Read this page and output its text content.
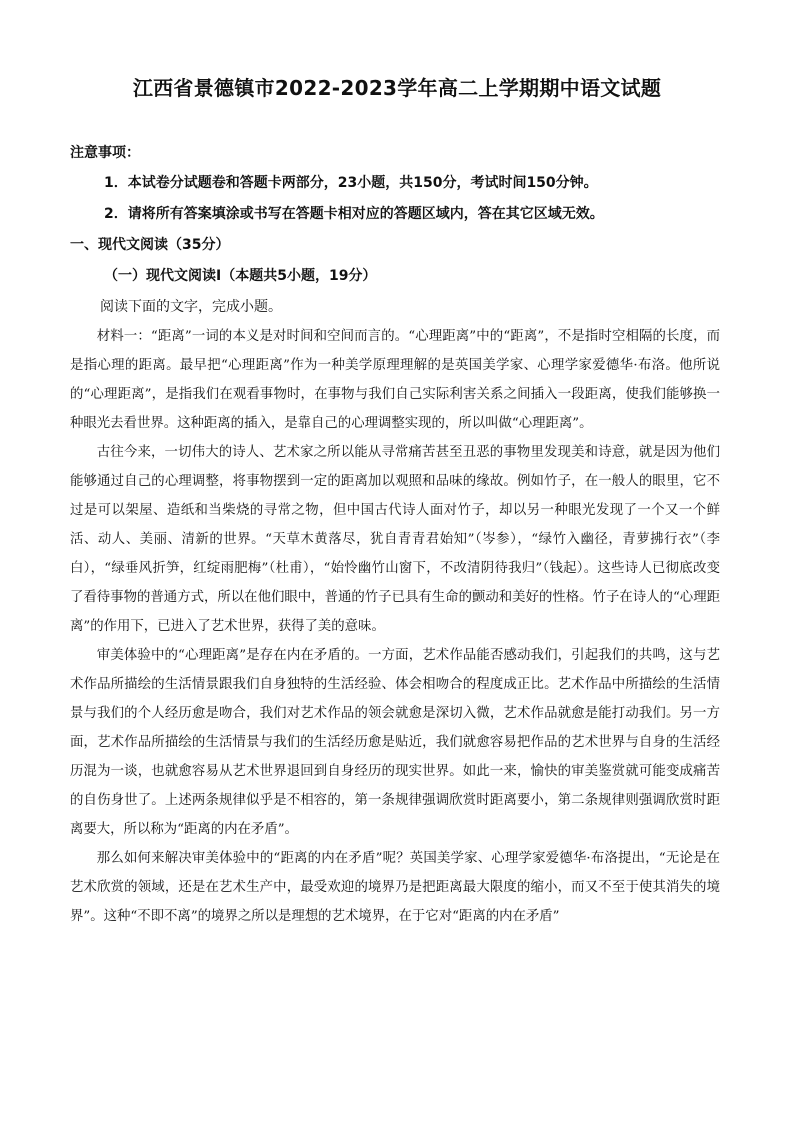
江西省景德镇市2022-2023学年高二上学期期中语文试题
注意事项：
1．本试卷分试题卷和答题卡两部分，23小题，共150分，考试时间150分钟。
2．请将所有答案填涂或书写在答题卡相对应的答题区域内，答在其它区域无效。
一、现代文阅读（35分）
（一）现代文阅读Ⅰ（本题共5小题，19分）
阅读下面的文字，完成小题。

材料一：“距离”一词的本义是对时间和空间而言的。“心理距离”中的“距离”，不是指时空相隔的长度，而是指心理的距离。最早把“心理距离”作为一种美学原理理解的是英国美学家、心理学家爱德华·布洛。他所说的“心理距离”，是指我们在观看事物时，在事物与我们自己实际利害关系之间插入一段距离，使我们能够换一种眼光去看世界。这种距离的插入，是靠自己的心理调整实现的，所以叫做“心理距离”。

古往今来，一切伟大的诗人、艺术家之所以能从寻常痛苦甚至丑恶的事物里发现美和诗意，就是因为他们能够通过自己的心理调整，将事物摆到一定的距离加以观照和品味的缘故。例如竹子，在一般人的眼里，它不过是可以架屋、造纸和当柴烧的寻常之物，但中国古代诗人面对竹子，却以另一种眼光发现了一个又一个鲜活、动人、美丽、清新的世界。“天草木黄落尽，犹自青青君始知”（岑参），“绿竹入幽径，青萝拂行衣”（李白），“绿垂风折笋，红绽雨肥梅”（杜甫），“始怜幽竹山窗下，不改清阴待我归”（钱起）。这些诗人已彻底改变了看待事物的普通方式，所以在他们眼中，普通的竹子已具有生命的颤动和美好的性格。竹子在诗人的“心理距离”的作用下，已进入了艺术世界，获得了美的意味。

审美体验中的“心理距离”是存在内在矛盾的。一方面，艺术作品能否感动我们，引起我们的共鸣，这与艺术作品所描绘的生活情景跟我们自身独特的生活经验、体会相吻合的程度成正比。艺术作品中所描绘的生活情景与我们的个人经历愈是吻合，我们对艺术作品的领会就愈是深切入微，艺术作品就愈是能打动我们。另一方面，艺术作品所描绘的生活情景与我们的生活经历愈是贴近，我们就愈容易把作品的艺术世界与自身的生活经历混为一谈，也就愈容易从艺术世界退回到自身经历的现实世界。如此一来，愉快的审美鉴赏就可能变成痛苦的自伤身世了。上述两条规律似乎是不相容的，第一条规律强调欣赏时距离要小，第二条规律则强调欣赏时距离要大，所以称为“距离的内在矛盾”。

那么如何来解决审美体验中的“距离的内在矛盾”呢？英国美学家、心理学家爱德华·布洛提出，“无论是在艺术欣赏的领域，还是在艺术生产中，最受欢迎的境界乃是把距离最大限度的缩小，而又不至于使其消失的境界”。这种“不即不离”的境界之所以是理想的艺术境界，在于它对“距离的内在矛盾”
